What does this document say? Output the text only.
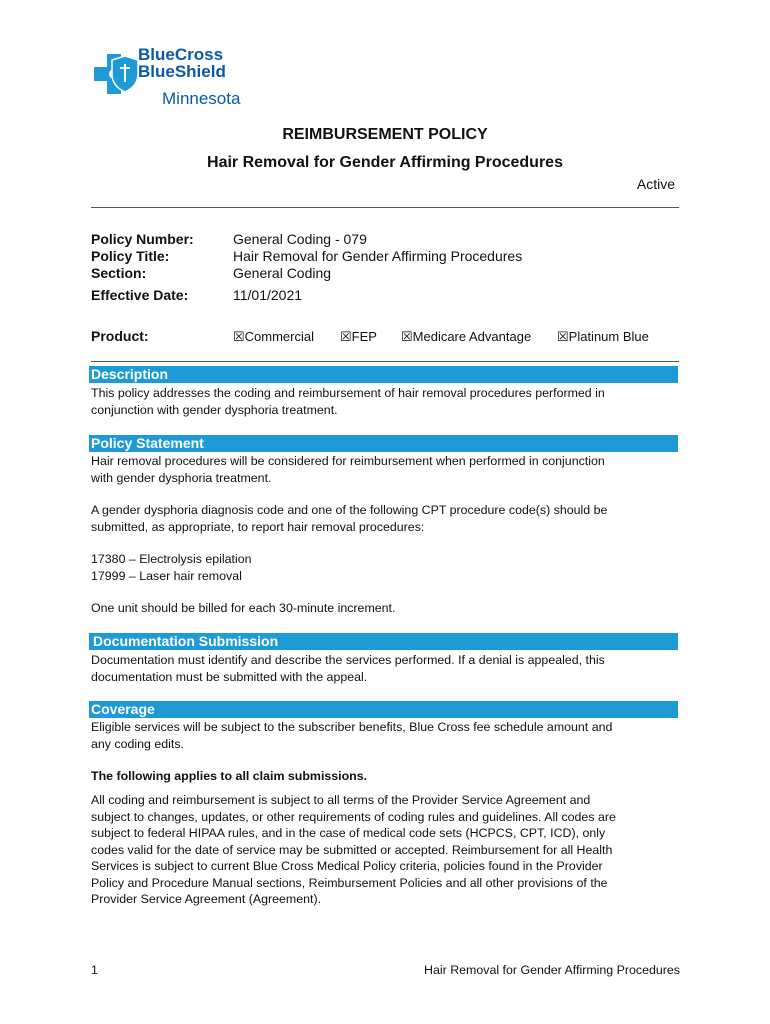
BlueCross
BlueShield
Minnesota
REIMBURSEMENT POLICY
Hair Removal for Gender Affirming Procedures
Active
Policy Number:	General Coding - 079
Policy Title:	Hair Removal for Gender Affirming Procedures
Section:	General Coding
Effective Date:	11/01/2021
Product:	☒Commercial ☒FEP ☒Medicare Advantage ☒Platinum Blue
Description
This policy addresses the coding and reimbursement of hair removal procedures performed in
conjunction with gender dysphoria treatment.
Policy Statement
Hair removal procedures will be considered for reimbursement when performed in conjunction
with gender dysphoria treatment.
A gender dysphoria diagnosis code and one of the following CPT procedure code(s) should be
submitted, as appropriate, to report hair removal procedures:
17380 – Electrolysis epilation
17999 – Laser hair removal
One unit should be billed for each 30-minute increment.
Documentation Submission
Documentation must identify and describe the services performed. If a denial is appealed, this
documentation must be submitted with the appeal.
Coverage
Eligible services will be subject to the subscriber benefits, Blue Cross fee schedule amount and
any coding edits.
The following applies to all claim submissions.
All coding and reimbursement is subject to all terms of the Provider Service Agreement and
subject to changes, updates, or other requirements of coding rules and guidelines. All codes are
subject to federal HIPAA rules, and in the case of medical code sets (HCPCS, CPT, ICD), only
codes valid for the date of service may be submitted or accepted. Reimbursement for all Health
Services is subject to current Blue Cross Medical Policy criteria, policies found in the Provider
Policy and Procedure Manual sections, Reimbursement Policies and all other provisions of the
Provider Service Agreement (Agreement).
1	Hair Removal for Gender Affirming Procedures
